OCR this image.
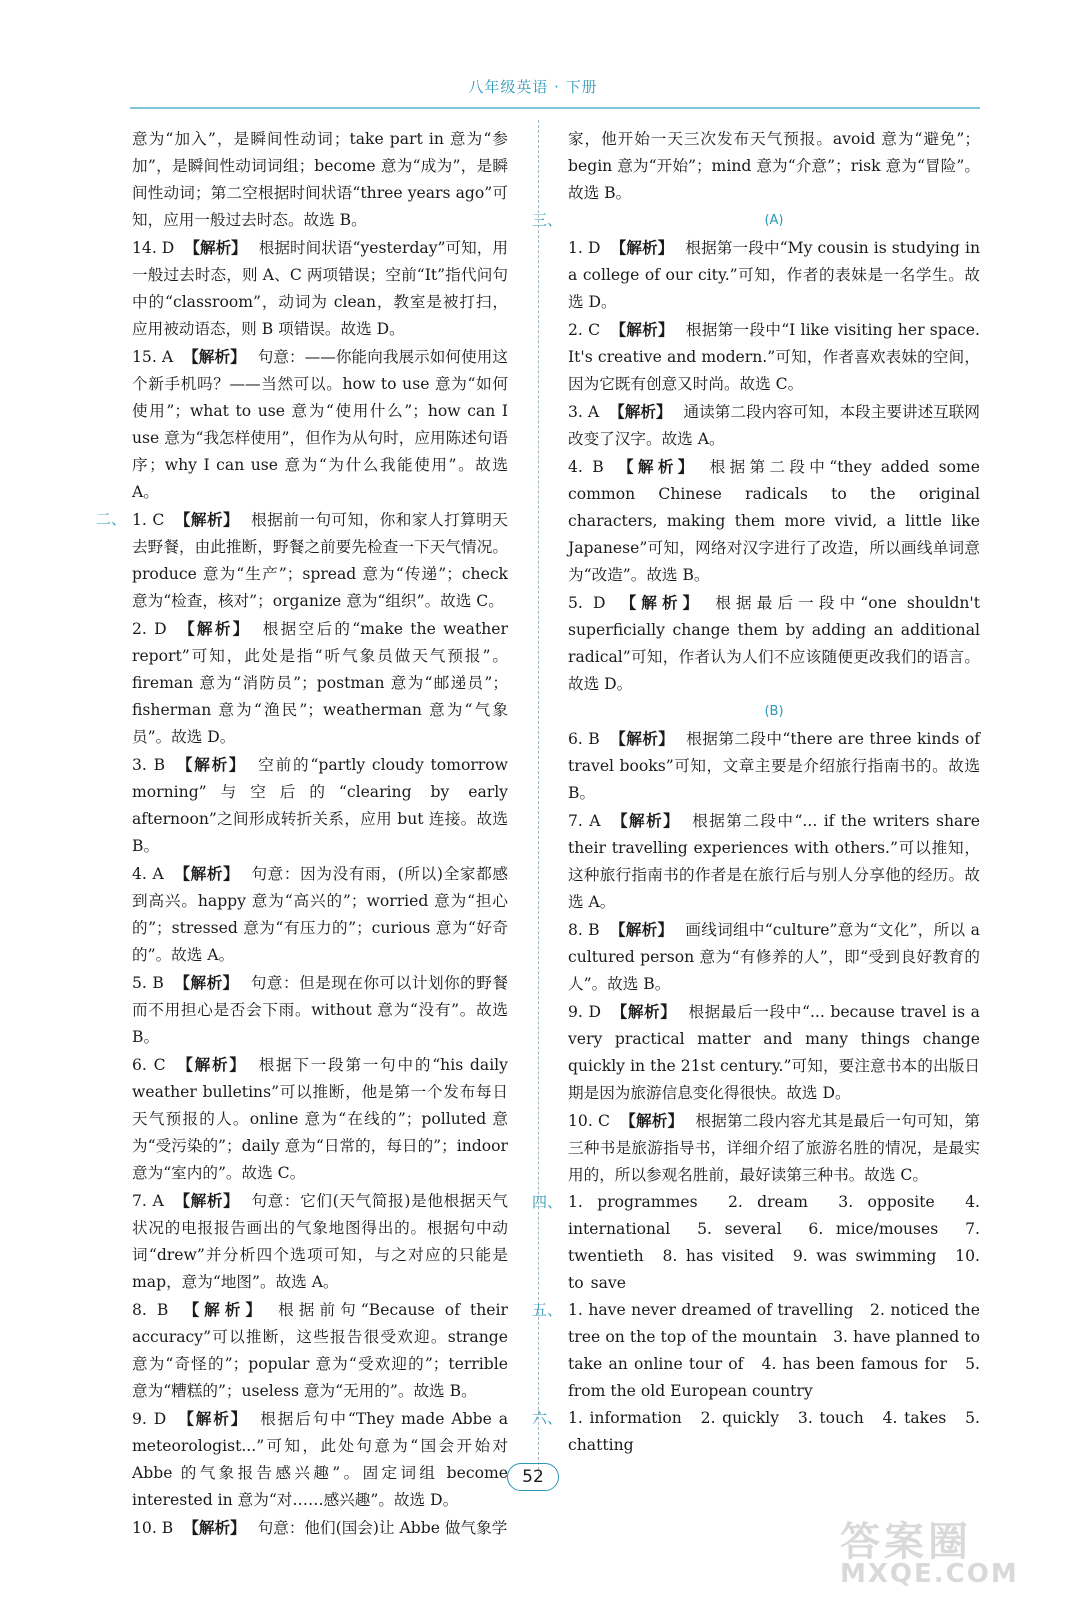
八年级英语 · 下册

意为“加入”，是瞬间性动词；take part in 意为“参加”，是瞬间性动词词组；become 意为“成为”，是瞬间性动词；第二空根据时间状语“three years ago”可知，应用一般过去时态。故选 B。

14. D 【解析】 根据时间状语“yesterday”可知，用一般过去时态，则 A、C 两项错误；空前“It”指代问句中的“classroom”，动词为 clean，教室是被打扫，应用被动语态，则 B 项错误。故选 D。

15. A 【解析】 句意：——你能向我展示如何使用这个新手机吗？——当然可以。how to use 意为“如何使用”；what to use 意为“使用什么”；how can I use 意为“我怎样使用”，但作为从句时，应用陈述句语序；why I can use 意为“为什么我能使用”。故选 A。

二、 1. C 【解析】 根据前一句可知，你和家人打算明天去野餐，由此推断，野餐之前要先检查一下天气情况。produce 意为“生产”；spread 意为“传递”；check 意为“检查，核对”；organize 意为“组织”。故选 C。

2. D 【解析】 根据空后的“make the weather report”可知，此处是指“听气象员做天气预报”。fireman 意为“消防员”；postman 意为“邮递员”；fisherman 意为“渔民”；weatherman 意为“气象员”。故选 D。

3. B 【解析】 空前的“partly cloudy tomorrow morning”与空后的“clearing by early afternoon”之间形成转折关系，应用 but 连接。故选 B。

4. A 【解析】 句意：因为没有雨，(所以)全家都感到高兴。happy 意为“高兴的”；worried 意为“担心的”；stressed 意为“有压力的”；curious 意为“好奇的”。故选 A。

5. B 【解析】 句意：但是现在你可以计划你的野餐而不用担心是否会下雨。without 意为“没有”。故选 B。

6. C 【解析】 根据下一段第一句中的“his daily weather bulletins”可以推断，他是第一个发布每日天气预报的人。online 意为“在线的”；polluted 意为“受污染的”；daily 意为“日常的，每日的”；indoor 意为“室内的”。故选 C。

7. A 【解析】 句意：它们(天气简报)是他根据天气状况的电报报告画出的气象地图得出的。根据句中动词“drew”并分析四个选项可知，与之对应的只能是 map，意为“地图”。故选 A。

8. B 【解析】 根据前句“Because of their accuracy”可以推断，这些报告很受欢迎。strange 意为“奇怪的”；popular 意为“受欢迎的”；terrible 意为“糟糕的”；useless 意为“无用的”。故选 B。

9. D 【解析】 根据后句中“They made Abbe a meteorologist...”可知，此处句意为“国会开始对 Abbe 的气象报告感兴趣”。固定词组 become interested in 意为“对……感兴趣”。故选 D。

10. B 【解析】 句意：他们(国会)让 Abbe 做气象学

家，他开始一天三次发布天气预报。avoid 意为“避免”；begin 意为“开始”；mind 意为“介意”；risk 意为“冒险”。故选 B。

三、	(A)

1. D 【解析】 根据第一段中“My cousin is studying in a college of our city.”可知，作者的表妹是一名学生。故选 D。

2. C 【解析】 根据第一段中“I like visiting her space. It's creative and modern.”可知，作者喜欢表妹的空间，因为它既有创意又时尚。故选 C。

3. A 【解析】 通读第二段内容可知，本段主要讲述互联网改变了汉字。故选 A。

4. B 【解析】 根据第二段中“they added some common Chinese radicals to the original characters, making them more vivid, a little like Japanese”可知，网络对汉字进行了改造，所以画线单词意为“改造”。故选 B。

5. D 【解析】 根据最后一段中“one shouldn't superficially change them by adding an additional radical”可知，作者认为人们不应该随便更改我们的语言。故选 D。

(B)

6. B 【解析】 根据第二段中“there are three kinds of travel books”可知，文章主要是介绍旅行指南书的。故选 B。

7. A 【解析】 根据第二段中“... if the writers share their travelling experiences with others.”可以推知，这种旅行指南书的作者是在旅行后与别人分享他的经历。故选 A。

8. B 【解析】 画线词组中“culture”意为“文化”，所以 a cultured person 意为“有修养的人”，即“受到良好教育的人”。故选 B。

9. D 【解析】 根据最后一段中“... because travel is a very practical matter and many things change quickly in the 21st century.”可知，要注意书本的出版日期是因为旅游信息变化得很快。故选 D。

10. C 【解析】 根据第二段内容尤其是最后一句可知，第三种书是旅游指导书，详细介绍了旅游名胜的情况，是最实用的，所以参观名胜前，最好读第三种书。故选 C。

四、 1. programmes　2. dream　3. opposite　4. international　5. several　6. mice/mouses　7. twentieth　8. has visited　9. was swimming　10. to save

五、 1. have never dreamed of travelling　2. noticed the tree on the top of the mountain　3. have planned to take an online tour of　4. has been famous for　5. from the old European country

六、 1. information　2. quickly　3. touch　4. takes　5. chatting

52
答案圈
MXQE.COM
